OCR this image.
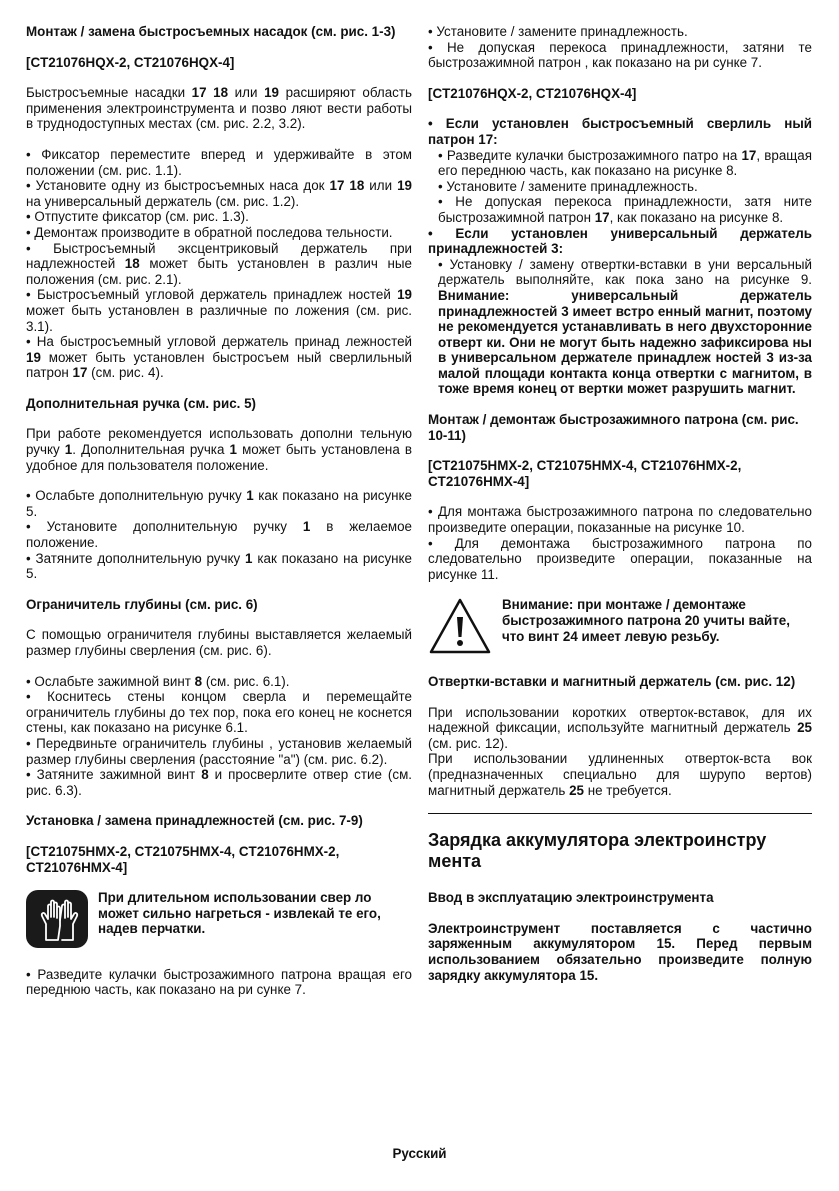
Монтаж / замена быстросъемных насадок (см. рис. 1-3)
[CT21076HQX-2, CT21076HQX-4]
Быстросъемные насадки 17 18 или 19 расширяют область применения электроинструмента и позво ляют вести работы в труднодоступных местах (см. рис. 2.2, 3.2).
• Фиксатор переместите вперед и удерживайте в этом положении (см. рис. 1.1).
• Установите одну из быстросъемных наса док 17 18 или 19 на универсальный держатель (см. рис. 1.2).
• Отпустите фиксатор (см. рис. 1.3).
• Демонтаж производите в обратной последова тельности.
• Быстросъемный эксцентриковый держатель при надлежностей 18 может быть установлен в различ ные положения (см. рис. 2.1).
• Быстросъемный угловой держатель принадлеж ностей 19 может быть установлен в различные по ложения (см. рис. 3.1).
• На быстросъемный угловой держатель принад лежностей 19 может быть установлен быстросъем ный сверлильный патрон 17 (см. рис. 4).
Дополнительная ручка (см. рис. 5)
При работе рекомендуется использовать дополни тельную ручку 1. Дополнительная ручка 1 может быть установлена в удобное для пользователя положение.
• Ослабьте дополнительную ручку 1 как показано на рисунке 5.
• Установите дополнительную ручку 1 в желаемое положение.
• Затяните дополнительную ручку 1 как показано на рисунке 5.
Ограничитель глубины (см. рис. 6)
С помощью ограничителя глубины выставляется желаемый размер глубины сверления (см. рис. 6).
• Ослабьте зажимной винт 8 (см. рис. 6.1).
• Коснитесь стены концом сверла и перемещайте ограничитель глубины до тех пор, пока его конец не коснется стены, как показано на рисунке 6.1.
• Передвиньте ограничитель глубины , установив желаемый размер глубины сверления (расстояние "a") (см. рис. 6.2).
• Затяните зажимной винт 8 и просверлите отвер стие (см. рис. 6.3).
Установка / замена принадлежностей (см. рис. 7-9)
[CT21075HMX-2, CT21075HMX-4, CT21076HMX-2, CT21076HMX-4]
При длительном использовании свер ло может сильно нагреться - извлекай те его, надев перчатки.
• Разведите кулачки быстрозажимного патрона вращая его переднюю часть, как показано на ри сунке 7.
• Установите / замените принадлежность.
• Не допуская перекоса принадлежности, затяни те быстрозажимной патрон , как показано на ри сунке 7.
[CT21076HQX-2, CT21076HQX-4]
• Если установлен быстросъемный сверлиль ный патрон 17:
• Разведите кулачки быстрозажимного патро на 17, вращая его переднюю часть, как показано на рисунке 8.
• Установите / замените принадлежность.
• Не допуская перекоса принадлежности, затя ните быстрозажимной патрон 17, как показано на рисунке 8.
• Если установлен универсальный держатель принадлежностей 3:
• Установку / замену отвертки-вставки в уни версальный держатель выполняйте, как пока зано на рисунке 9. Внимание: универсальный держатель принадлежностей 3 имеет встро енный магнит, поэтому не рекомендуется устанавливать в него двухсторонние отверт ки. Они не могут быть надежно зафиксирова ны в универсальном держателе принадлеж ностей 3 из-за малой площади контакта конца отвертки с магнитом, в тоже время конец от вертки может разрушить магнит.
Монтаж / демонтаж быстрозажимного патрона (см. рис. 10-11)
[CT21075HMX-2, CT21075HMX-4, CT21076HMX-2, CT21076HMX-4]
• Для монтажа быстрозажимного патрона по следовательно произведите операции, показанные на рисунке 10.
• Для демонтажа быстрозажимного патрона по следовательно произведите операции, показанные на рисунке 11.
Внимание: при монтаже / демонтаже быстрозажимного патрона 20 учиты вайте, что винт 24 имеет левую резьбу.
Отвертки-вставки и магнитный держатель (см. рис. 12)
При использовании коротких отверток-вставок, для их надежной фиксации, используйте магнитный держатель 25 (см. рис. 12).
При использовании удлиненных отверток-вста вок (предназначенных специально для шурупо вертов) магнитный держатель 25 не требуется.
Зарядка аккумулятора электроинстру мента
Ввод в эксплуатацию электроинструмента
Электроинструмент поставляется с частично заряженным аккумулятором 15. Перед первым использованием обязательно произведите полную зарядку аккумулятора 15.
Русский
